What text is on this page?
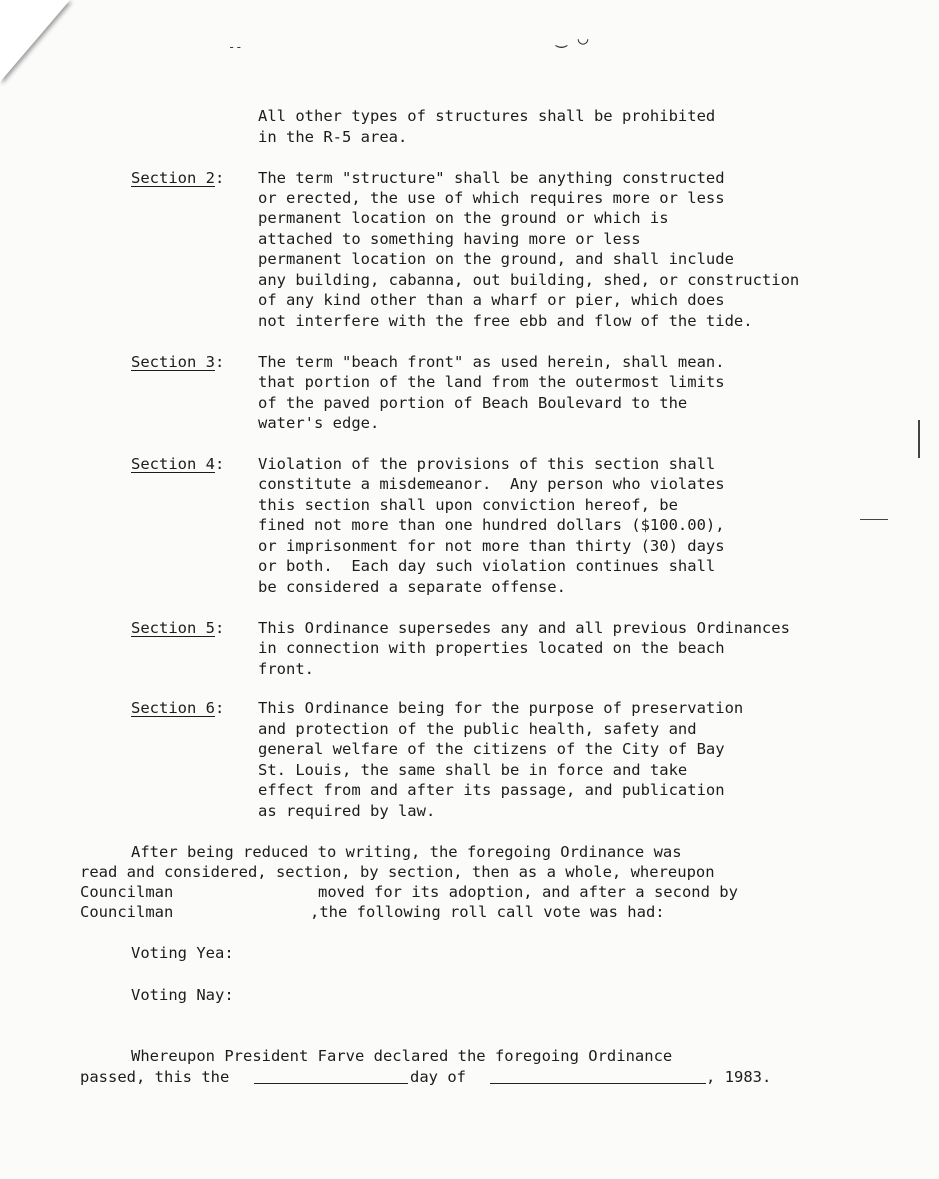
--	‿ ◡
All other types of structures shall be prohibited
in the R-5 area.
Section 2: The term "structure" shall be anything constructed
or erected, the use of which requires more or less
permanent location on the ground or which is
attached to something having more or less
permanent location on the ground, and shall include
any building, cabanna, out building, shed, or construction
of any kind other than a wharf or pier, which does
not interfere with the free ebb and flow of the tide.
Section 3: The term "beach front" as used herein, shall mean.
that portion of the land from the outermost limits
of the paved portion of Beach Boulevard to the
water's edge.
Section 4: Violation of the provisions of this section shall
constitute a misdemeanor.  Any person who violates
this section shall upon conviction hereof, be
fined not more than one hundred dollars ($100.00),
or imprisonment for not more than thirty (30) days
or both.  Each day such violation continues shall
be considered a separate offense.
Section 5: This Ordinance supersedes any and all previous Ordinances
in connection with properties located on the beach
front.
Section 6: This Ordinance being for the purpose of preservation
and protection of the public health, safety and
general welfare of the citizens of the City of Bay
St. Louis, the same shall be in force and take
effect from and after its passage, and publication
as required by law.
After being reduced to writing, the foregoing Ordinance was
read and considered, section, by section, then as a whole, whereupon
Councilman	moved for its adoption, and after a second by
Councilman	,the following roll call vote was had:
Voting Yea:
Voting Nay:
Whereupon President Farve declared the foregoing Ordinance
passed, this the	day of	, 1983.
